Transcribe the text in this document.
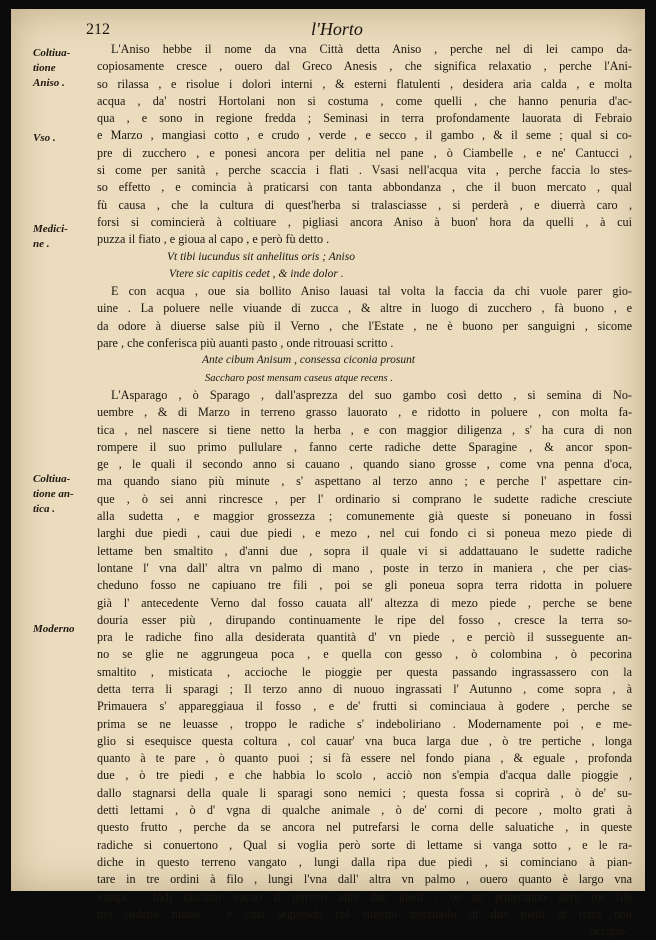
212	l'Horto
Coltiua-
tione
Aniso .
Vso .
Medici-
ne .
Coltiua-
tione an-
tica .
Moderno
L'Aniso hebbe il nome da vna Città detta Aniso , perche nel di lei campo da-
copiosamente cresce , ouero dal Greco Anesis , che significa relaxatio , perche l'Ani-
so rilassa , e risolue i dolori interni , & esterni flatulenti , desidera aria calda , e molta
acqua , da' nostri Hortolani non si costuma , come quelli , che hanno penuria d'ac-
qua , e sono in regione fredda ; Seminasi in terra profondamente lauorata di Febraio
e Marzo , mangiasi cotto , e crudo , verde , e secco , il gambo , & il seme ; qual si co-
pre di zucchero , e ponesi ancora per delitia nel pane , ò Ciambelle , e ne' Cantucci ,
si come per sanità , perche scaccia i flati . Vsasi nell'acqua vita , perche faccia lo stes-
so effetto , e comincia à praticarsi con tanta abbondanza , che il buon mercato , qual
fù causa , che la cultura di quest'herba si tralasciasse , si perderà , e diuerrà caro ,
forsi si comincierà à coltiuare , pigliasi ancora Aniso à buon' hora da quelli , à cui
puzza il fiato , e gioua al capo , e però fù detto .
Vt tibi iucundus sit anhelitus oris ; Aniso
Vtere sic capitis cedet , & inde dolor .
E con acqua , oue sia bollito Aniso lauasi tal volta la faccia da chi vuole parer gio-
uine . La poluere nelle viuande di zucca , & altre in luogo di zucchero , fà buono , e
da odore à diuerse salse più il Verno , che l'Estate , ne è buono per sanguigni , sicome
pare , che conferisca più auanti pasto , onde ritrouasi scritto .
Ante cibum Anisum , consessa ciconia prosunt
Saccharo post mensam caseus atque recens .
L'Asparago , ò Sparago , dall'asprezza del suo gambo così detto , si semina di No-
uembre , & di Marzo in terreno grasso lauorato , e ridotto in poluere , con molta fa-
tica , nel nascere si tiene netto la herba , e con maggior diligenza , s' ha cura di non
rompere il suo primo pullulare , fanno certe radiche dette Sparagine , & ancor spon-
ge , le quali il secondo anno si cauano , quando siano grosse , come vna penna d'oca,
ma quando siano più minute , s' aspettano al terzo anno ; e perche l' aspettare cin-
que , ò sei anni rincresce , per l' ordinario si comprano le sudette radiche cresciute
alla sudetta , e maggior grossezza ; comunemente già queste si poneuano in fossi
larghi due piedi , caui due piedi , e mezo , nel cui fondo ci si poneua mezo piede di
lettame ben smaltito , d'anni due , sopra il quale vi si addattauano le sudette radiche
lontane l' vna dall' altra vn palmo di mano , poste in terzo in maniera , che per cias-
cheduno fosso ne capiuano tre fili , poi se gli poneua sopra terra ridotta in poluere
già l' antecedente Verno dal fosso cauata all' altezza di mezo piede , perche se bene
douria esser più , dirupando continuamente le ripe del fosso , cresce la terra so-
pra le radiche fino alla desiderata quantità d' vn piede , e perciò il susseguente an-
no se glie ne aggrungeua poca , e quella con gesso , ò colombina , ò pecorina
smaltito , misticata , accioche le pioggie per questa passando ingrassassero con la
detta terra li sparagi ; Il terzo anno di nuouo ingrassati l' Autunno , come sopra , à
Primauera s' appareggiaua il fosso , e de' frutti si cominciaua à godere , perche se
prima se ne leuasse , troppo le radiche s' indeboliriano . Modernamente poi , e me-
glio si esequisce questa coltura , col cauar' vna buca larga due , ò tre pertiche , longa
quanto à te pare , ò quanto puoi ; si fà essere nel fondo piana , & eguale , profonda
due , ò tre piedi , e che habbia lo scolo , acciò non s'empia d'acqua dalle pioggie ,
dallo stagnarsi della quale li sparagi sono nemici ; questa fossa si coprirà , ò de' su-
detti lettami , ò d' vgna di qualche animale , ò de' corni di pecore , molto grati à
questo frutto , perche da se ancora nel putrefarsi le corna delle saluatiche , in queste
radiche si conuertono , Qual si voglia però sorte di lettame si vanga sotto , e le ra-
diche in questo terreno vangato , lungi dalla ripa due piedi , si cominciano à pian-
tare in tre ordini à filo , lungi l'vna dall' altra vn palmo , ouero quanto è largo vna
vanga , Indi lasciato vacuo il terreno altri due piedi , se ne poneranno altre tre file
nel sudetto modo , e così seguendo col sudetto interuallo di due piedi di terra non
occupa-
